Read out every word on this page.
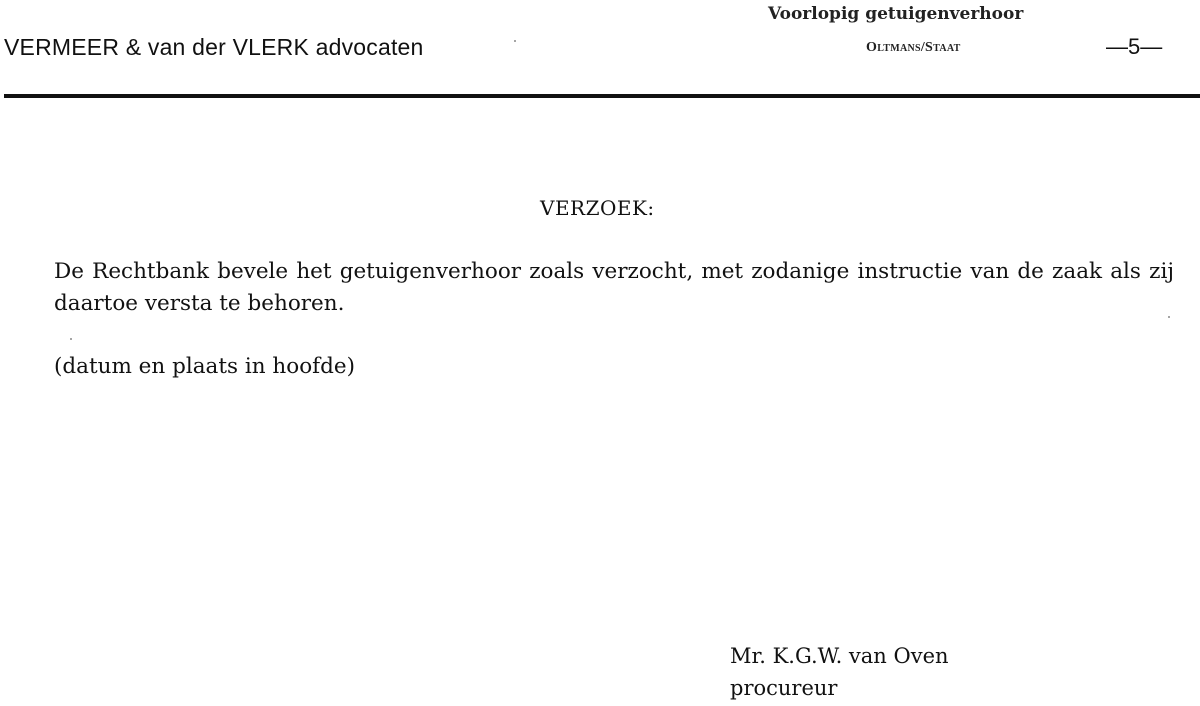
VERMEER & van der VLERK advocaten
Voorlopig getuigenverhoor
Oltmans/Staat	—5—
VERZOEK:
De Rechtbank bevele het getuigenverhoor zoals verzocht, met zodanige instructie van de zaak als zij daartoe versta te behoren.
(datum en plaats in hoofde)
Mr. K.G.W. van Oven
procureur
